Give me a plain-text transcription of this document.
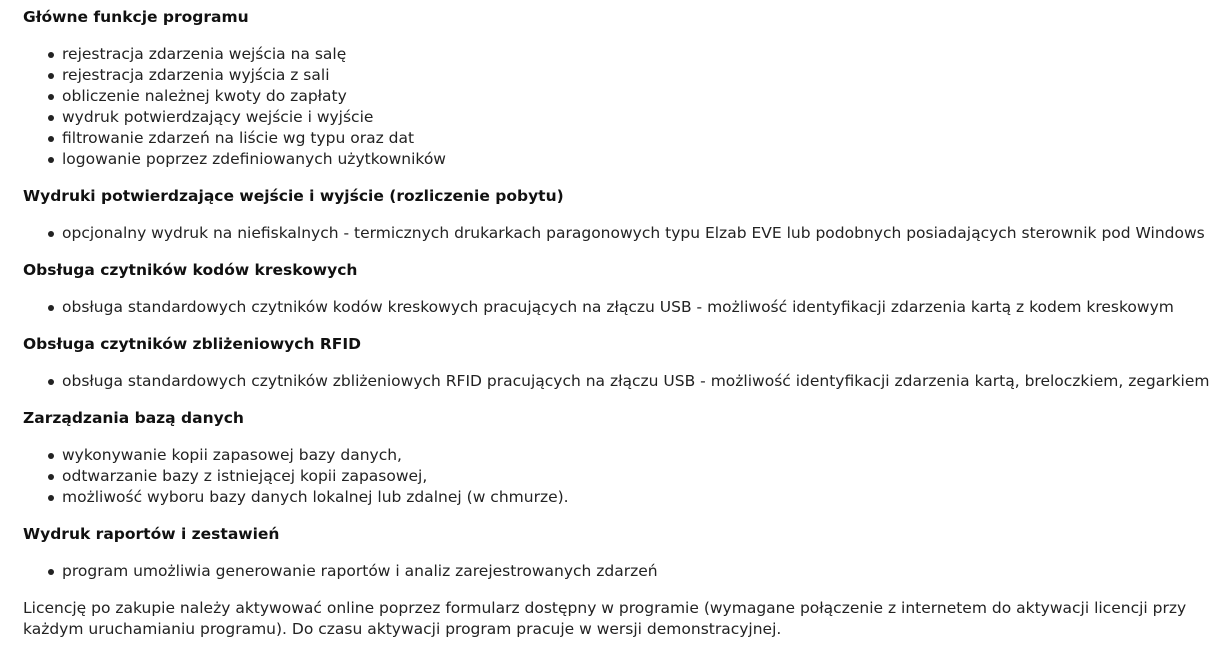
Główne funkcje programu
rejestracja zdarzenia wejścia na salę
rejestracja zdarzenia wyjścia z sali
obliczenie należnej kwoty do zapłaty
wydruk potwierdzający wejście i wyjście
filtrowanie zdarzeń na liście wg typu oraz dat
logowanie poprzez zdefiniowanych użytkowników
Wydruki potwierdzające wejście i wyjście (rozliczenie pobytu)
opcjonalny wydruk na niefiskalnych - termicznych drukarkach paragonowych typu Elzab EVE lub podobnych posiadających sterownik pod Windows
Obsługa czytników kodów kreskowych
obsługa standardowych czytników kodów kreskowych pracujących na złączu USB - możliwość identyfikacji zdarzenia kartą z kodem kreskowym
Obsługa czytników zbliżeniowych RFID
obsługa standardowych czytników zbliżeniowych RFID pracujących na złączu USB - możliwość identyfikacji zdarzenia kartą, breloczkiem, zegarkiem
Zarządzania bazą danych
wykonywanie kopii zapasowej bazy danych,
odtwarzanie bazy z istniejącej kopii zapasowej,
możliwość wyboru bazy danych lokalnej lub zdalnej (w chmurze).
Wydruk raportów i zestawień
program umożliwia generowanie raportów i analiz zarejestrowanych zdarzeń

Licencję po zakupie należy aktywować online poprzez formularz dostępny w programie (wymagane połączenie z internetem do aktywacji licencji przy każdym uruchamianiu programu). Do czasu aktywacji program pracuje w wersji demonstracyjnej.
